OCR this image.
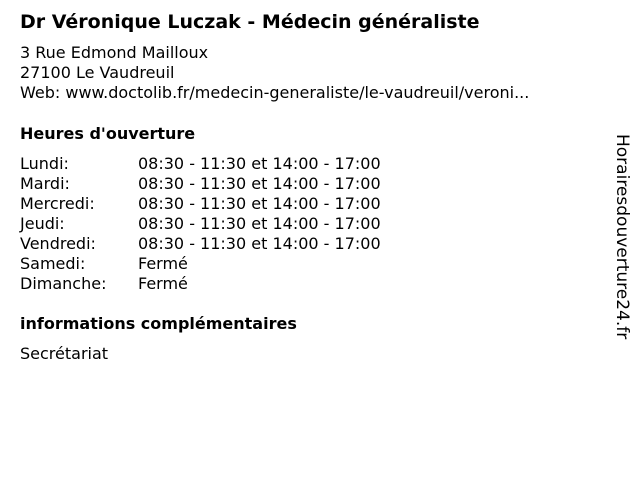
Dr Véronique Luczak - Médecin généraliste
3 Rue Edmond Mailloux
27100 Le Vaudreuil
Web: www.doctolib.fr/medecin-generaliste/le-vaudreuil/veroni...
Heures d'ouverture
Lundi:	08:30 - 11:30 et 14:00 - 17:00
Mardi:	08:30 - 11:30 et 14:00 - 17:00
Mercredi:	08:30 - 11:30 et 14:00 - 17:00
Jeudi:	08:30 - 11:30 et 14:00 - 17:00
Vendredi:	08:30 - 11:30 et 14:00 - 17:00
Samedi:	Fermé
Dimanche:	Fermé
informations complémentaires
Secrétariat
Horairesdouverture24.fr
